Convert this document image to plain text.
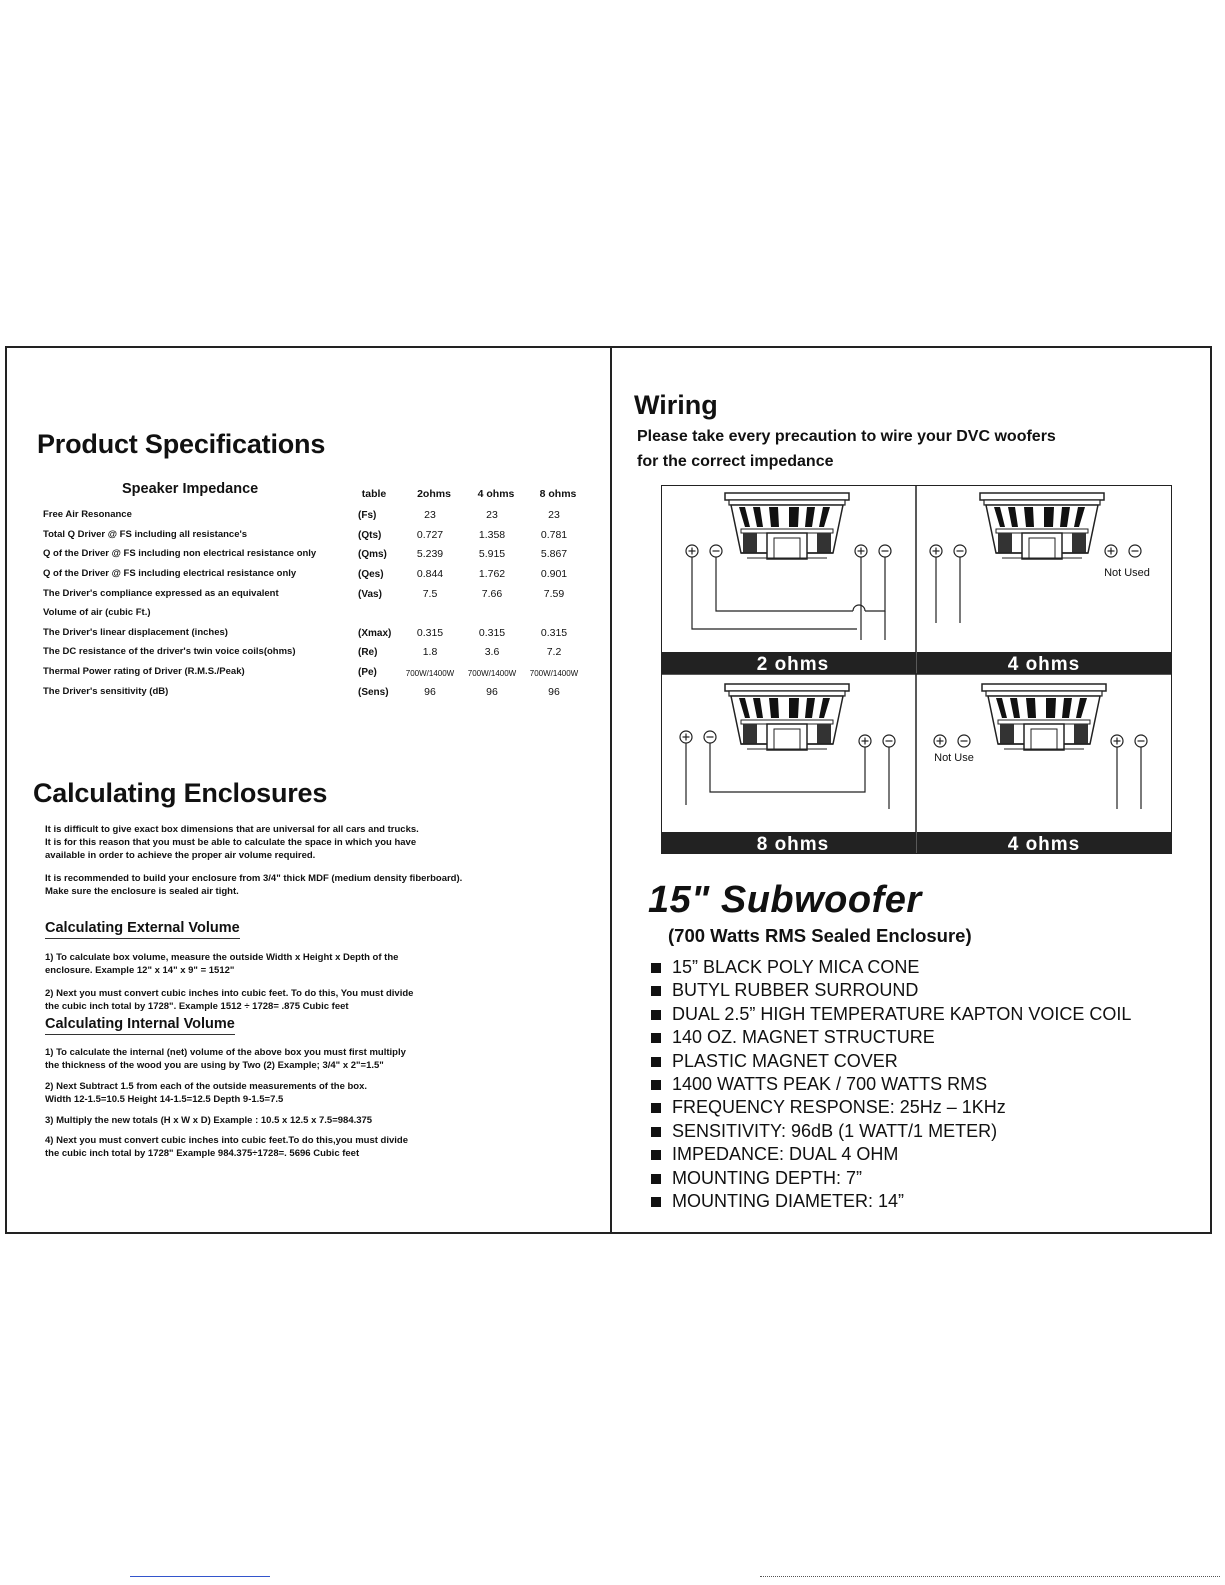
Product Specifications
Speaker Impedance	table	2ohms	4 ohms	8 ohms
Free Air Resonance	(Fs)	23	23	23
Total Q Driver @ FS including all resistance's	(Qts)	0.727	1.358	0.781
Q of the Driver @ FS including non electrical resistance only	(Qms)	5.239	5.915	5.867
Q of the Driver @ FS including electrical resistance only	(Qes)	0.844	1.762	0.901
The Driver's compliance expressed as an equivalent	(Vas)	7.5	7.66	7.59
Volume of air (cubic Ft.)
The Driver's linear displacement (inches)	(Xmax)	0.315	0.315	0.315
The DC resistance of the driver's twin voice coils(ohms)	(Re)	1.8	3.6	7.2
Thermal Power rating of Driver (R.M.S./Peak)	(Pe)	700W/1400W	700W/1400W	700W/1400W
The Driver's sensitivity (dB)	(Sens)	96	96	96
Calculating Enclosures
It is difficult to give exact box dimensions that are universal for all cars and trucks.
It is for this reason that you must be able to calculate the space in which you have
available in order to achieve the proper air volume required.
It is recommended to build your enclosure from 3/4" thick MDF (medium density fiberboard).
Make sure the enclosure is sealed air tight.
Calculating External Volume
1) To calculate box volume, measure the outside Width x Height x Depth of the
enclosure. Example 12" x 14" x 9" = 1512"
2) Next you must convert cubic inches into cubic feet. To do this, You must divide
the cubic inch total by 1728". Example 1512 ÷ 1728= .875 Cubic feet
Calculating Internal Volume
1) To calculate the internal (net) volume of the above box you must first multiply
the thickness of the wood you are using by Two (2) Example; 3/4" x 2"=1.5"
2) Next Subtract 1.5 from each of the outside measurements of the box.
Width 12-1.5=10.5 Height 14-1.5=12.5 Depth 9-1.5=7.5
3) Multiply the new totals (H x W x D) Example : 10.5 x 12.5 x 7.5=984.375
4) Next you must convert cubic inches into cubic feet.To do this,you must divide
the cubic inch total by 1728" Example 984.375÷1728=. 5696 Cubic feet
Wiring
Please take every precaution to wire your DVC woofers
for the correct impedance
Not Used
Not Use
2 ohms	4 ohms
8 ohms	4 ohms
15" Subwoofer
(700 Watts RMS Sealed Enclosure)
15” BLACK POLY MICA CONE
BUTYL RUBBER SURROUND
DUAL 2.5” HIGH TEMPERATURE KAPTON VOICE COIL
140 OZ. MAGNET STRUCTURE
PLASTIC MAGNET COVER
1400 WATTS PEAK / 700 WATTS RMS
FREQUENCY RESPONSE: 25Hz – 1KHz
SENSITIVITY: 96dB (1 WATT/1 METER)
IMPEDANCE: DUAL 4 OHM
MOUNTING DEPTH: 7”
MOUNTING DIAMETER: 14”
